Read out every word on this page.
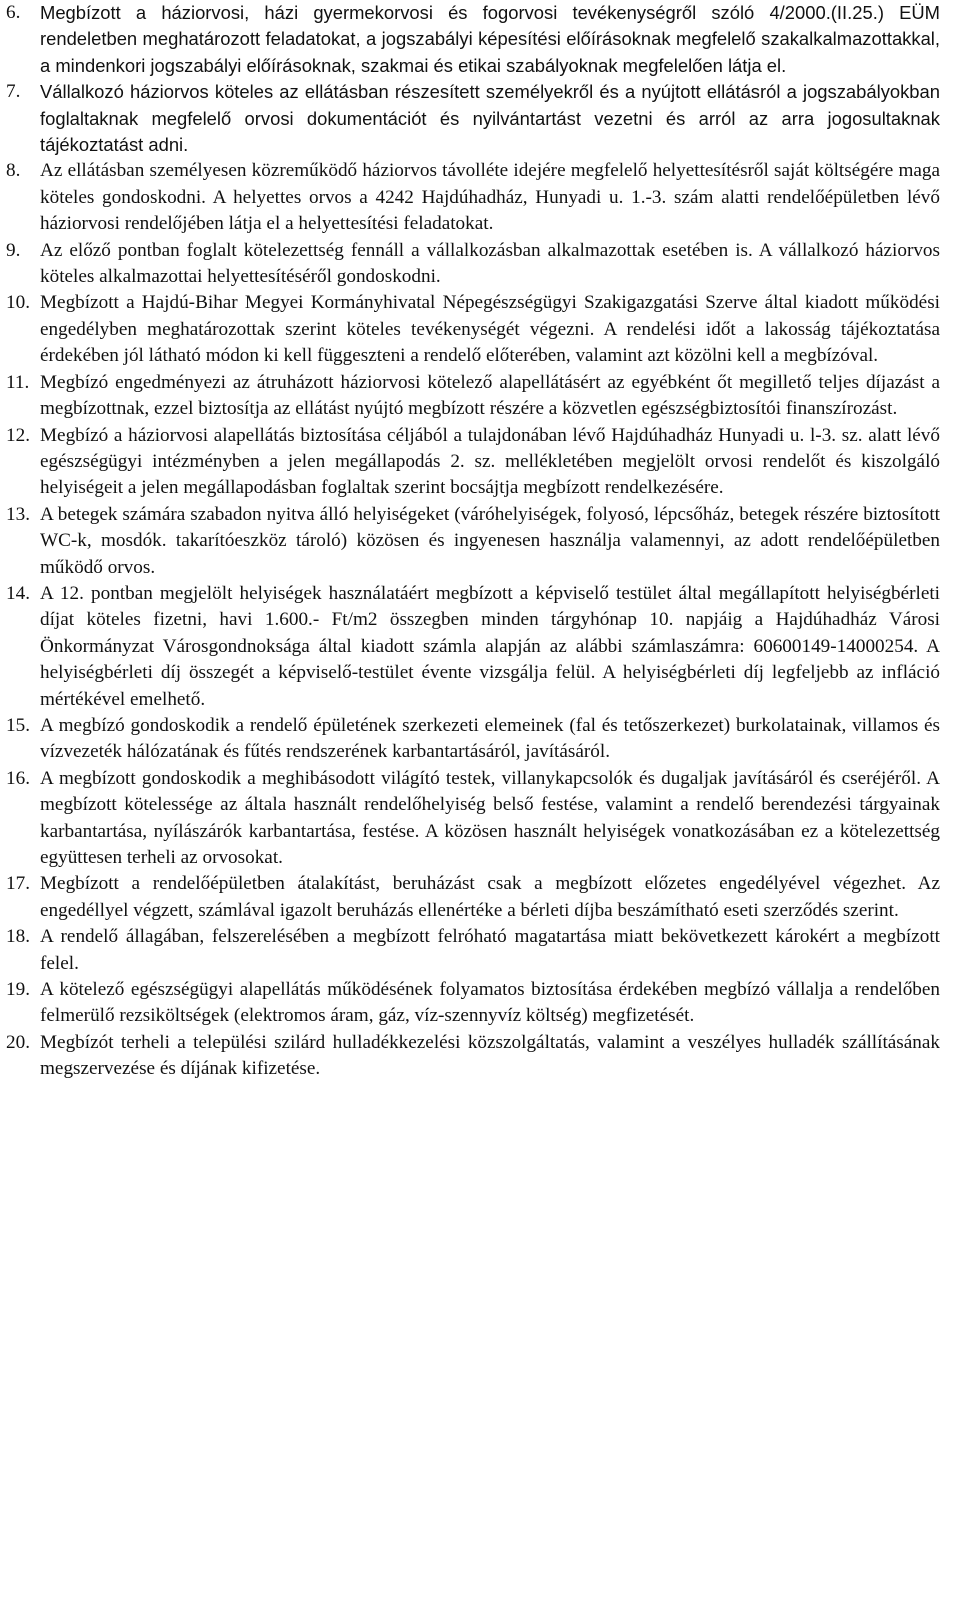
6.	Megbízott a háziorvosi, házi gyermekorvosi és fogorvosi tevékenységről szóló 4/2000.(II.25.) EÜM rendeletben meghatározott feladatokat, a jogszabályi képesítési előírásoknak megfelelő szakalkalmazottakkal, a mindenkori jogszabályi előírásoknak, szakmai és etikai szabályoknak megfelelően látja el.
7.	Vállalkozó háziorvos köteles az ellátásban részesített személyekről és a nyújtott ellátásról a jogszabályokban foglaltaknak megfelelő orvosi dokumentációt és nyilvántartást vezetni és arról az arra jogosultaknak tájékoztatást adni.
8.	Az ellátásban személyesen közreműködő háziorvos távolléte idejére megfelelő helyettesítésről saját költségére maga köteles gondoskodni. A helyettes orvos a 4242 Hajdúhadház, Hunyadi u. 1.-3. szám alatti rendelőépületben lévő háziorvosi rendelőjében látja el a helyettesítési feladatokat.
9.	Az előző pontban foglalt kötelezettség fennáll a vállalkozásban alkalmazottak esetében is. A vállalkozó háziorvos köteles alkalmazottai helyettesítéséről gondoskodni.
10. Megbízott a Hajdú-Bihar Megyei Kormányhivatal Népegészségügyi Szakigazgatási Szerve által kiadott működési engedélyben meghatározottak szerint köteles tevékenységét végezni. A rendelési időt a lakosság tájékoztatása érdekében jól látható módon ki kell függeszteni a rendelő előterében, valamint azt közölni kell a megbízóval.
11. Megbízó engedményezi az átruházott háziorvosi kötelező alapellátásért az egyébként őt megillető teljes díjazást a megbízottnak, ezzel biztosítja az ellátást nyújtó megbízott részére a közvetlen egészségbiztosítói finanszírozást.
12. Megbízó a háziorvosi alapellátás biztosítása céljából a tulajdonában lévő Hajdúhadház Hunyadi u. l-3. sz. alatt lévő egészségügyi intézményben a jelen megállapodás 2. sz. mellékletében megjelölt orvosi rendelőt és kiszolgáló helyiségeit a jelen megállapodásban foglaltak szerint bocsájtja megbízott rendelkezésére.
13. A betegek számára szabadon nyitva álló helyiségeket (váróhelyiségek, folyosó, lépcsőház, betegek részére biztosított WC-k, mosdók. takarítóeszköz tároló) közösen és ingyenesen használja valamennyi, az adott rendelőépületben működő orvos.
14. A 12. pontban megjelölt helyiségek használatáért megbízott a képviselő testület által megállapított helyiségbérleti díjat köteles fizetni, havi 1.600.- Ft/m2 összegben minden tárgyhónap 10. napjáig a Hajdúhadház Városi Önkormányzat Városgondnoksága által kiadott számla alapján az alábbi számlaszámra: 60600149-14000254. A helyiségbérleti díj összegét a képviselő-testület évente vizsgálja felül. A helyiségbérleti díj legfeljebb az infláció mértékével emelhető.
15. A megbízó gondoskodik a rendelő épületének szerkezeti elemeinek (fal és tetőszerkezet) burkolatainak, villamos és vízvezeték hálózatának és fűtés rendszerének karbantartásáról, javításáról.
16. A megbízott gondoskodik a meghibásodott világító testek, villanykapcsolók és dugaljak javításáról és cseréjéről. A megbízott kötelessége az általa használt rendelőhelyiség belső festése, valamint a rendelő berendezési tárgyainak karbantartása, nyílászárók karbantartása, festése. A közösen használt helyiségek vonatkozásában ez a kötelezettség együttesen terheli az orvosokat.
17. Megbízott a rendelőépületben átalakítást, beruházást csak a megbízott előzetes engedélyével végezhet. Az engedéllyel végzett, számlával igazolt beruházás ellenértéke a bérleti díjba beszámítható eseti szerződés szerint.
18. A rendelő állagában, felszerelésében a megbízott felróható magatartása miatt bekövetkezett károkért a megbízott felel.
19. A kötelező egészségügyi alapellátás működésének folyamatos biztosítása érdekében megbízó vállalja a rendelőben felmerülő rezsiköltségek (elektromos áram, gáz, víz-szennyvíz költség) megfizetését.
20. Megbízót terheli a települési szilárd hulladékkezelési közszolgáltatás, valamint a veszélyes hulladék szállításának megszervezése és díjának kifizetése.
